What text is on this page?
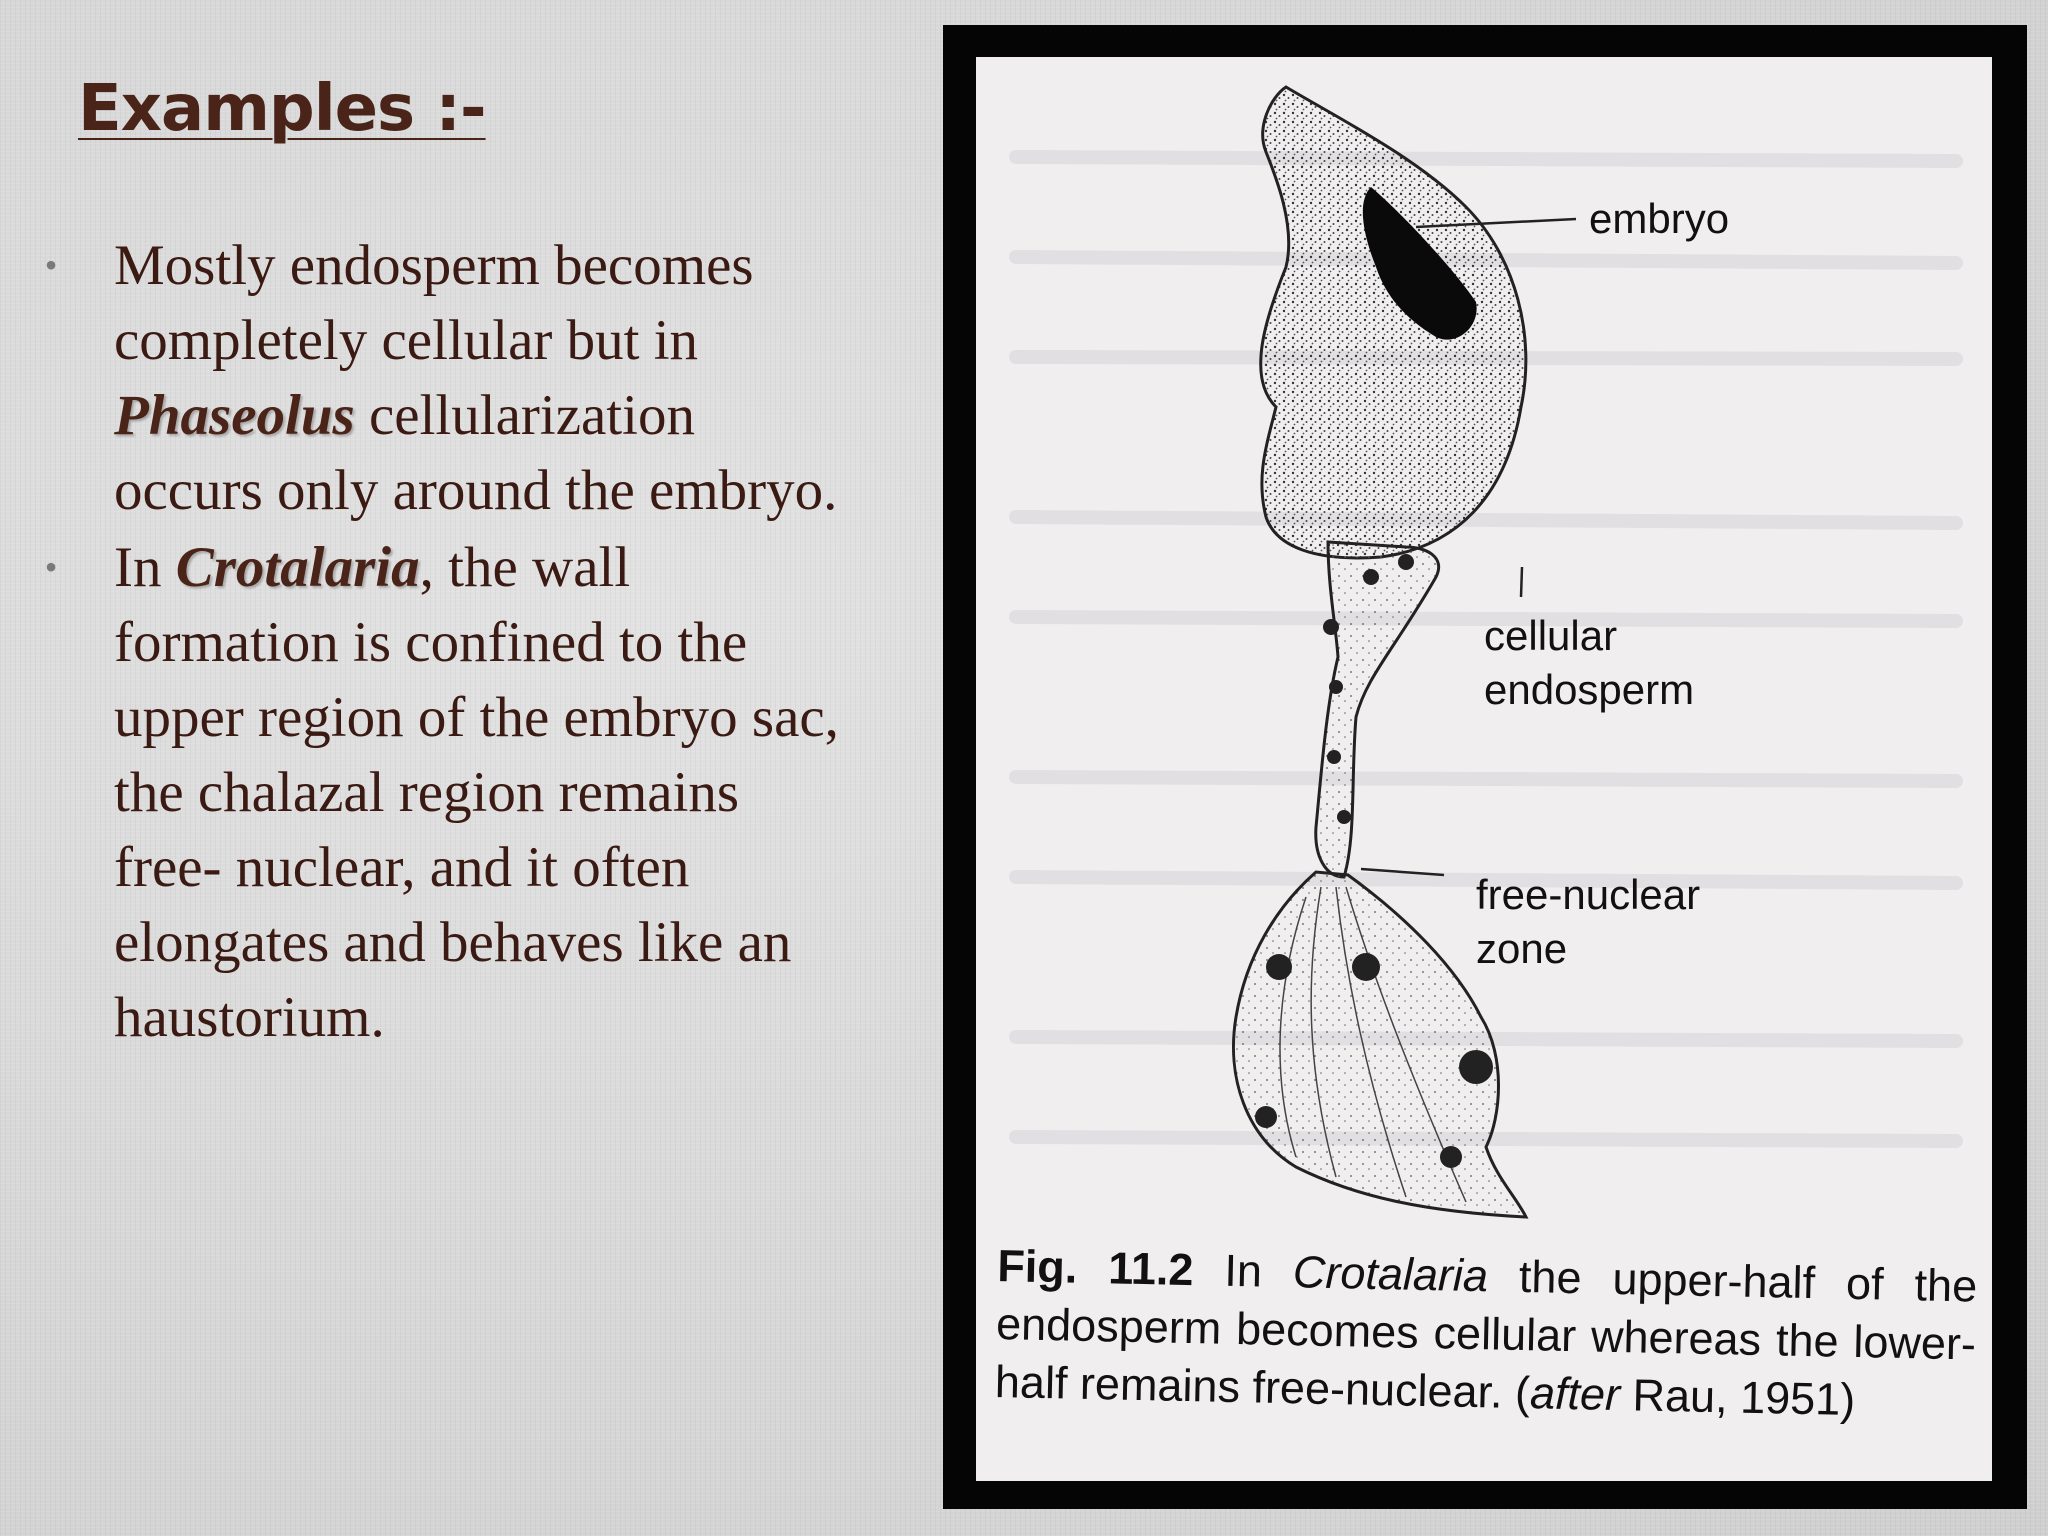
Examples :-
• Mostly endosperm becomes completely cellular but in Phaseolus cellularization occurs only around the embryo.
• In Crotalaria, the wall formation is confined to the upper region of the embryo sac, the chalazal region remains free- nuclear, and it often elongates and behaves like an haustorium.

embryo

cellular

endosperm

free-nuclear

zone

Fig. 11.2 In Crotalaria the upper-half of the endosperm becomes cellular whereas the lower-half remains free-nuclear. (after Rau, 1951)
